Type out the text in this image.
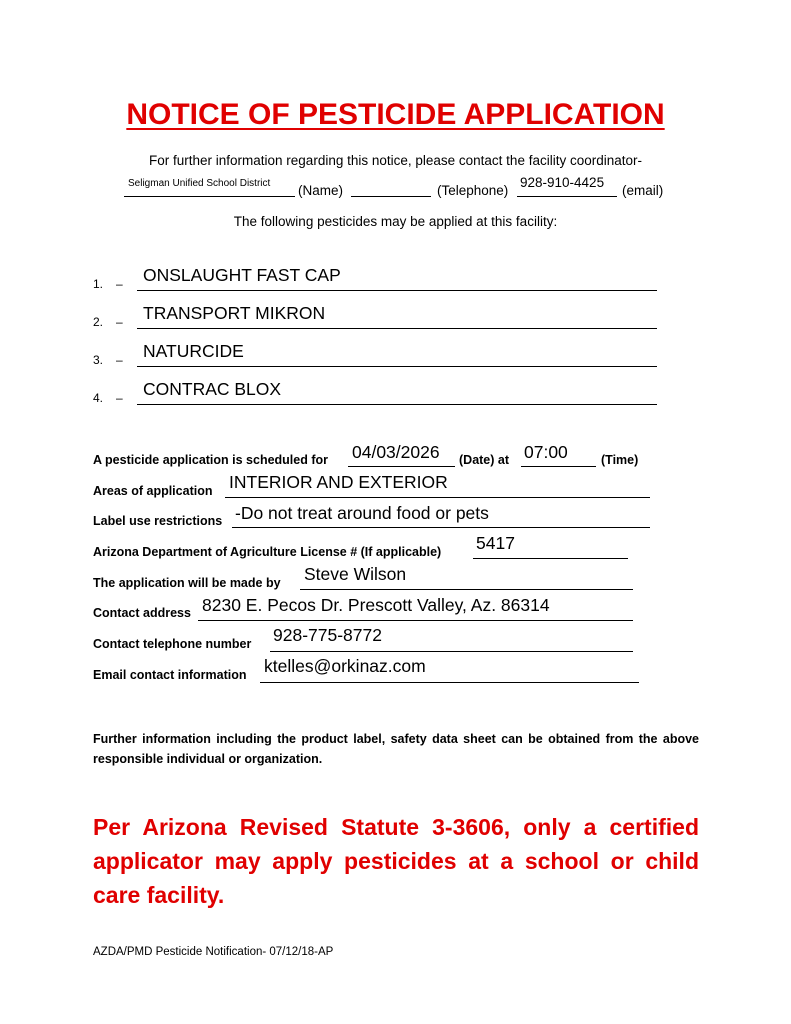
NOTICE OF PESTICIDE APPLICATION
For further information regarding this notice, please contact the facility coordinator-
Seligman Unified School District (Name)	(Telephone)
928-910-4425
(email)
The following pesticides may be applied at this facility:
1. – ONSLAUGHT FAST CAP
2. – TRANSPORT MIKRON
3. – NATURCIDE
4. – CONTRAC BLOX
A pesticide application is scheduled for 04/03/2026 (Date) at 07:00	(Time)
Areas of application INTERIOR AND EXTERIOR
Label use restrictions -Do not treat around food or pets
Arizona Department of Agriculture License # (If applicable) 5417
The application will be made by Steve Wilson
Contact address 8230 E. Pecos Dr. Prescott Valley, Az. 86314
Contact telephone number 928-775-8772
Email contact information ktelles@orkinaz.com
Further information including the product label, safety data sheet can be obtained from the above responsible individual or organization.
Per Arizona Revised Statute 3-3606, only a certified applicator may apply pesticides at a school or child care facility.
AZDA/PMD Pesticide Notification- 07/12/18-AP
